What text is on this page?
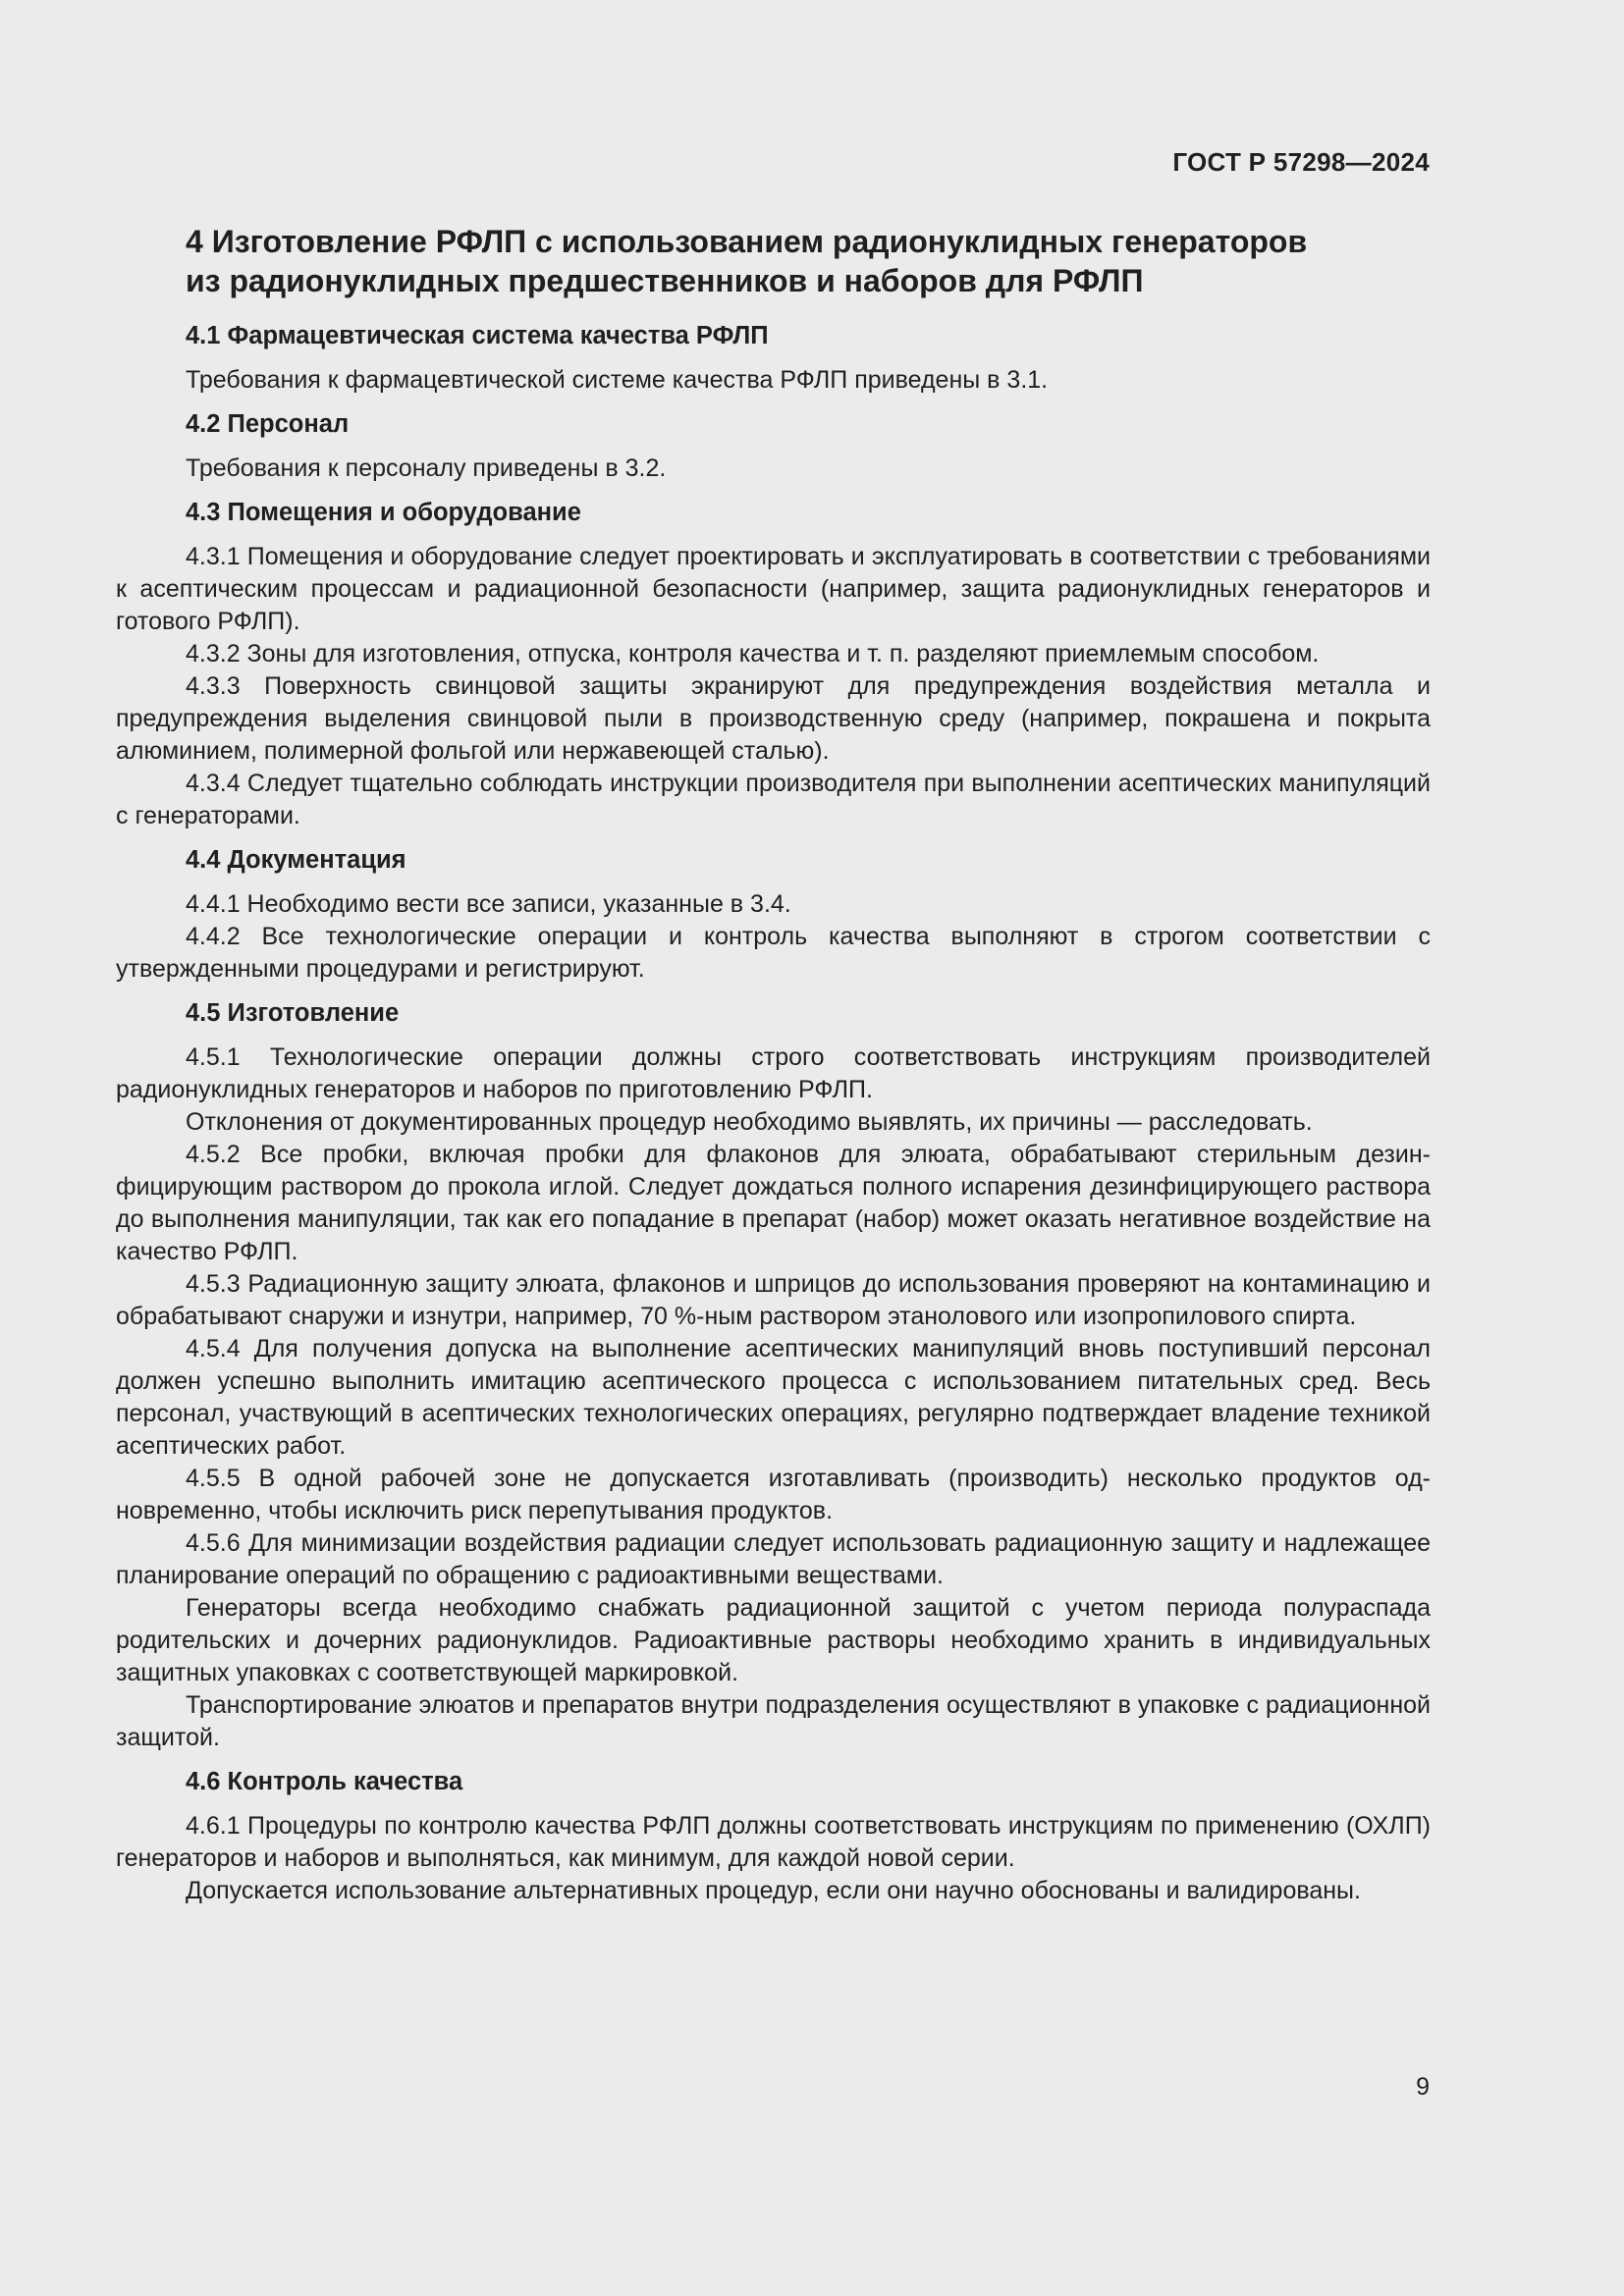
ГОСТ Р 57298—2024
4 Изготовление РФЛП с использованием радионуклидных генераторов
из радионуклидных предшественников и наборов для РФЛП
4.1 Фармацевтическая система качества РФЛП

Требования к фармацевтической системе качества РФЛП приведены в 3.1.

4.2 Персонал

Требования к персоналу приведены в 3.2.

4.3 Помещения и оборудование

4.3.1 Помещения и оборудование следует проектировать и эксплуатировать в соответствии с требованиями к асептическим процессам и радиационной безопасности (например, защита радионуклидных генераторов и готового РФЛП).

4.3.2 Зоны для изготовления, отпуска, контроля качества и т. п. разделяют приемлемым способом.

4.3.3 Поверхность свинцовой защиты экранируют для предупреждения воздействия металла и предупреждения выделения свинцовой пыли в производственную среду (например, покрашена и покрыта алюминием, полимерной фольгой или нержавеющей сталью).

4.3.4 Следует тщательно соблюдать инструкции производителя при выполнении асептических манипуляций с генераторами.

4.4 Документация

4.4.1 Необходимо вести все записи, указанные в 3.4.

4.4.2 Все технологические операции и контроль качества выполняют в строгом соответствии с утвержденными процедурами и регистрируют.

4.5 Изготовление

4.5.1 Технологические операции должны строго соответствовать инструкциям производителей радионуклидных генераторов и наборов по приготовлению РФЛП.

Отклонения от документированных процедур необходимо выявлять, их причины — расследовать.

4.5.2 Все пробки, включая пробки для флаконов для элюата, обрабатывают стерильным дезинфицирующим раствором до прокола иглой. Следует дождаться полного испарения дезинфицирующего раствора до выполнения манипуляции, так как его попадание в препарат (набор) может оказать негативное воздействие на качество РФЛП.

4.5.3 Радиационную защиту элюата, флаконов и шприцов до использования проверяют на контаминацию и обрабатывают снаружи и изнутри, например, 70 %-ным раствором этанолового или изопропилового спирта.

4.5.4 Для получения допуска на выполнение асептических манипуляций вновь поступивший персонал должен успешно выполнить имитацию асептического процесса с использованием питательных сред. Весь персонал, участвующий в асептических технологических операциях, регулярно подтверждает владение техникой асептических работ.

4.5.5 В одной рабочей зоне не допускается изготавливать (производить) несколько продуктов одновременно, чтобы исключить риск перепутывания продуктов.

4.5.6 Для минимизации воздействия радиации следует использовать радиационную защиту и надлежащее планирование операций по обращению с радиоактивными веществами.

Генераторы всегда необходимо снабжать радиационной защитой с учетом периода полураспада родительских и дочерних радионуклидов. Радиоактивные растворы необходимо хранить в индивидуальных защитных упаковках с соответствующей маркировкой.

Транспортирование элюатов и препаратов внутри подразделения осуществляют в упаковке с радиационной защитой.

4.6 Контроль качества

4.6.1 Процедуры по контролю качества РФЛП должны соответствовать инструкциям по применению (ОХЛП) генераторов и наборов и выполняться, как минимум, для каждой новой серии.

Допускается использование альтернативных процедур, если они научно обоснованы и валидированы.

9
